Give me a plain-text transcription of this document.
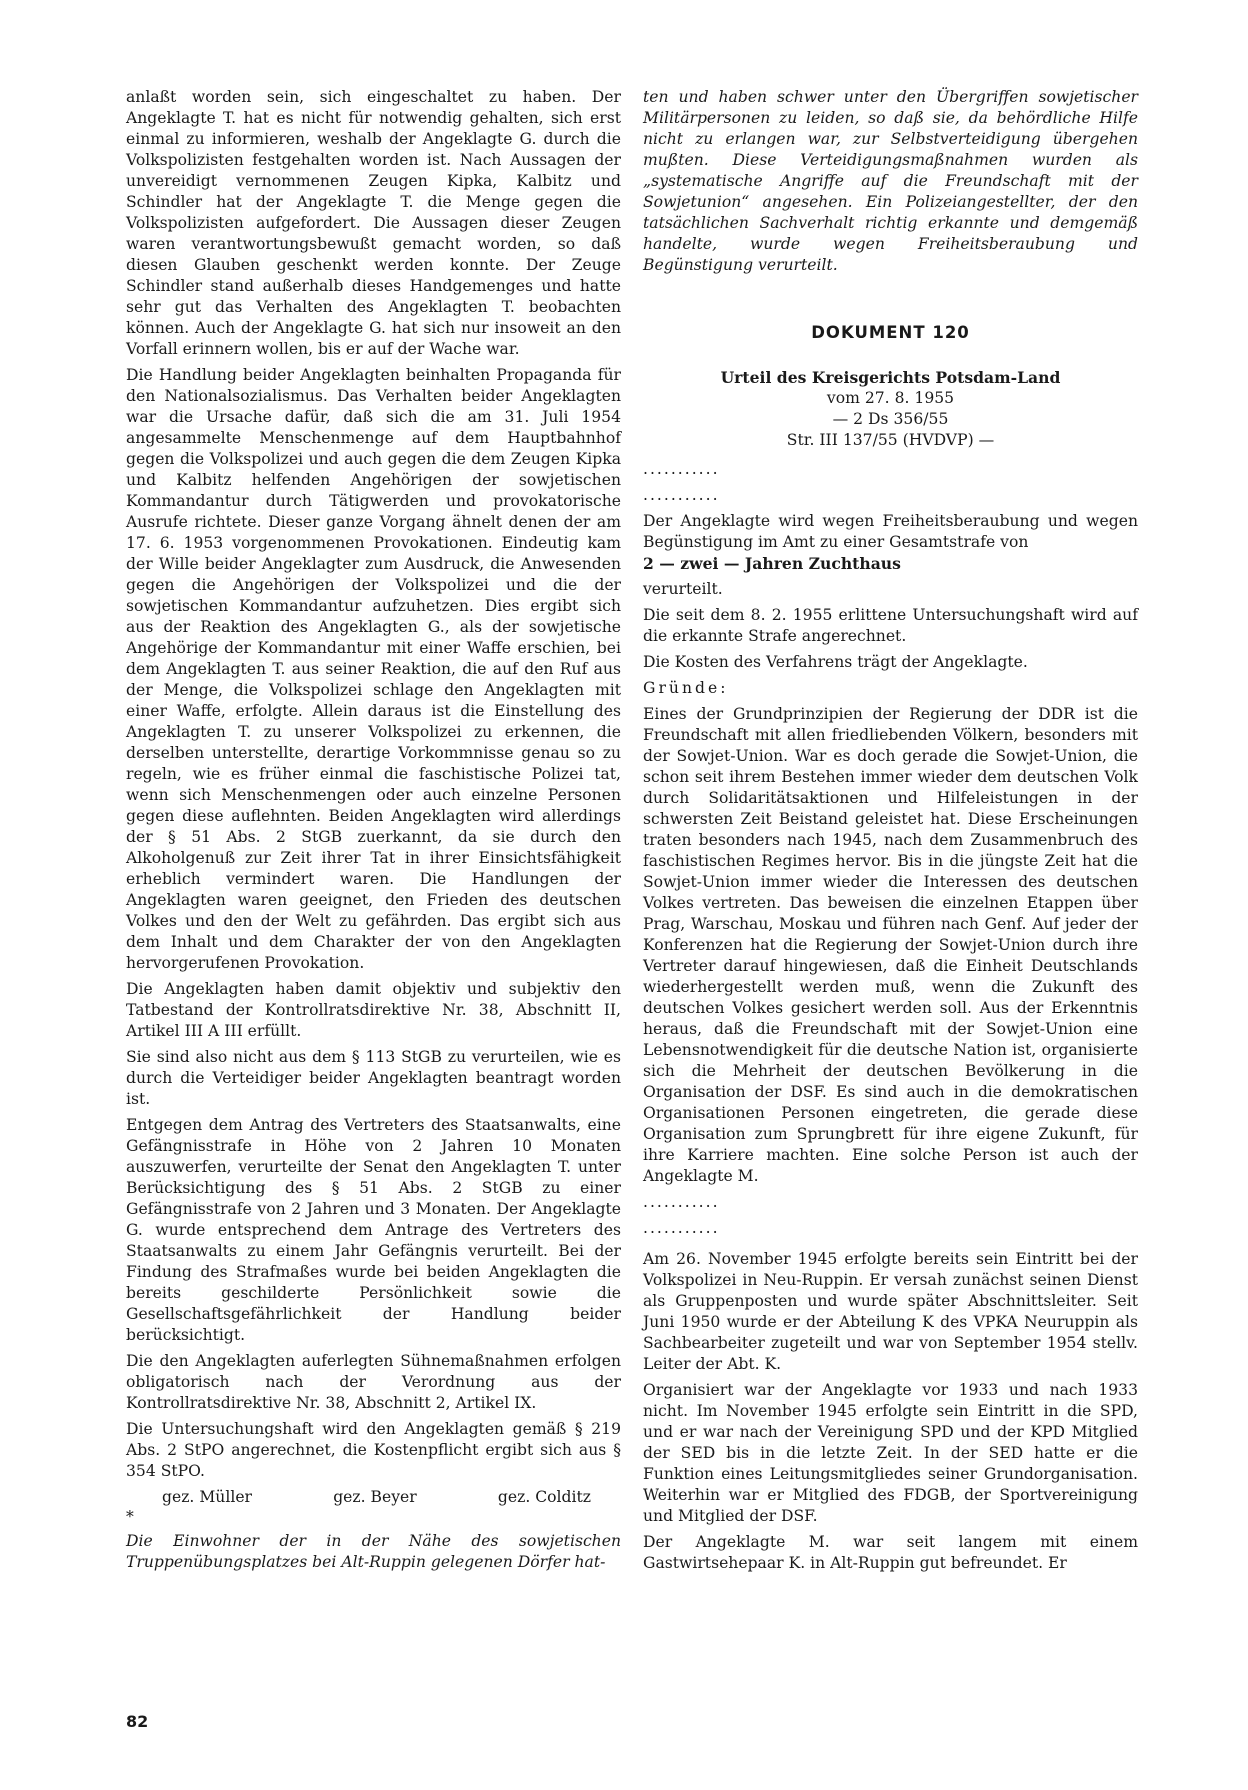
anlaßt worden sein, sich eingeschaltet zu haben. Der Angeklagte T. hat es nicht für notwendig gehalten, sich erst einmal zu informieren, weshalb der Angeklagte G. durch die Volkspolizisten festgehalten worden ist. Nach Aussagen der unvereidigt vernommenen Zeugen Kipka, Kalbitz und Schindler hat der Angeklagte T. die Menge gegen die Volkspolizisten aufgefordert. Die Aussagen dieser Zeugen waren verantwortungsbewußt gemacht worden, so daß diesen Glauben geschenkt werden konnte. Der Zeuge Schindler stand außerhalb dieses Handgemenges und hatte sehr gut das Verhalten des Angeklagten T. beobachten können. Auch der Angeklagte G. hat sich nur insoweit an den Vorfall erinnern wollen, bis er auf der Wache war.

Die Handlung beider Angeklagten beinhalten Propaganda für den Nationalsozialismus. Das Verhalten beider Angeklagten war die Ursache dafür, daß sich die am 31. Juli 1954 angesammelte Menschenmenge auf dem Hauptbahnhof gegen die Volkspolizei und auch gegen die dem Zeugen Kipka und Kalbitz helfenden Angehörigen der sowjetischen Kommandantur durch Tätigwerden und provokatorische Ausrufe richtete. Dieser ganze Vorgang ähnelt denen der am 17. 6. 1953 vorgenommenen Provokationen. Eindeutig kam der Wille beider Angeklagter zum Ausdruck, die Anwesenden gegen die Angehörigen der Volkspolizei und die der sowjetischen Kommandantur aufzuhetzen. Dies ergibt sich aus der Reaktion des Angeklagten G., als der sowjetische Angehörige der Kommandantur mit einer Waffe erschien, bei dem Angeklagten T. aus seiner Reaktion, die auf den Ruf aus der Menge, die Volkspolizei schlage den Angeklagten mit einer Waffe, erfolgte. Allein daraus ist die Einstellung des Angeklagten T. zu unserer Volkspolizei zu erkennen, die derselben unterstellte, derartige Vorkommnisse genau so zu regeln, wie es früher einmal die faschistische Polizei tat, wenn sich Menschenmengen oder auch einzelne Personen gegen diese auflehnten. Beiden Angeklagten wird allerdings der § 51 Abs. 2 StGB zuerkannt, da sie durch den Alkoholgenuß zur Zeit ihrer Tat in ihrer Einsichtsfähigkeit erheblich vermindert waren. Die Handlungen der Angeklagten waren geeignet, den Frieden des deutschen Volkes und den der Welt zu gefährden. Das ergibt sich aus dem Inhalt und dem Charakter der von den Angeklagten hervorgerufenen Provokation.

Die Angeklagten haben damit objektiv und subjektiv den Tatbestand der Kontrollratsdirektive Nr. 38, Abschnitt II, Artikel III A III erfüllt.

Sie sind also nicht aus dem § 113 StGB zu verurteilen, wie es durch die Verteidiger beider Angeklagten beantragt worden ist.

Entgegen dem Antrag des Vertreters des Staatsanwalts, eine Gefängnisstrafe in Höhe von 2 Jahren 10 Monaten auszuwerfen, verurteilte der Senat den Angeklagten T. unter Berücksichtigung des § 51 Abs. 2 StGB zu einer Gefängnisstrafe von 2 Jahren und 3 Monaten. Der Angeklagte G. wurde entsprechend dem Antrage des Vertreters des Staatsanwalts zu einem Jahr Gefängnis verurteilt. Bei der Findung des Strafmaßes wurde bei beiden Angeklagten die bereits geschilderte Persönlichkeit sowie die Gesellschaftsgefährlichkeit der Handlung beider berücksichtigt.

Die den Angeklagten auferlegten Sühnemaßnahmen erfolgen obligatorisch nach der Verordnung aus der Kontrollratsdirektive Nr. 38, Abschnitt 2, Artikel IX.

Die Untersuchungshaft wird den Angeklagten gemäß § 219 Abs. 2 StPO angerechnet, die Kostenpflicht ergibt sich aus § 354 StPO.

gez. Müller	gez. Beyer	gez. Colditz

*

Die Einwohner der in der Nähe des sowjetischen Truppenübungsplatzes bei Alt-Ruppin gelegenen Dörfer hat-

ten und haben schwer unter den Übergriffen sowjetischer Militärpersonen zu leiden, so daß sie, da behördliche Hilfe nicht zu erlangen war, zur Selbstverteidigung übergehen mußten. Diese Verteidigungsmaßnahmen wurden als „systematische Angriffe auf die Freundschaft mit der Sowjetunion“ angesehen. Ein Polizeiangestellter, der den tatsächlichen Sachverhalt richtig erkannte und demgemäß handelte, wurde wegen Freiheitsberaubung und Begünstigung verurteilt.

DOKUMENT 120
Urteil des Kreisgerichts Potsdam-Land
vom 27. 8. 1955
— 2 Ds 356/55
Str. III 137/55 (HVDVP) —

...........

...........

Der Angeklagte wird wegen Freiheitsberaubung und wegen Begünstigung im Amt zu einer Gesamtstrafe von

2 — zwei — Jahren Zuchthaus

verurteilt.

Die seit dem 8. 2. 1955 erlittene Untersuchungshaft wird auf die erkannte Strafe angerechnet.

Die Kosten des Verfahrens trägt der Angeklagte.

Gründe:

Eines der Grundprinzipien der Regierung der DDR ist die Freundschaft mit allen friedliebenden Völkern, besonders mit der Sowjet-Union. War es doch gerade die Sowjet-Union, die schon seit ihrem Bestehen immer wieder dem deutschen Volk durch Solidaritätsaktionen und Hilfeleistungen in der schwersten Zeit Beistand geleistet hat. Diese Erscheinungen traten besonders nach 1945, nach dem Zusammenbruch des faschistischen Regimes hervor. Bis in die jüngste Zeit hat die Sowjet-Union immer wieder die Interessen des deutschen Volkes vertreten. Das beweisen die einzelnen Etappen über Prag, Warschau, Moskau und führen nach Genf. Auf jeder der Konferenzen hat die Regierung der Sowjet-Union durch ihre Vertreter darauf hingewiesen, daß die Einheit Deutschlands wiederhergestellt werden muß, wenn die Zukunft des deutschen Volkes gesichert werden soll. Aus der Erkenntnis heraus, daß die Freundschaft mit der Sowjet-Union eine Lebensnotwendigkeit für die deutsche Nation ist, organisierte sich die Mehrheit der deutschen Bevölkerung in die Organisation der DSF. Es sind auch in die demokratischen Organisationen Personen eingetreten, die gerade diese Organisation zum Sprungbrett für ihre eigene Zukunft, für ihre Karriere machten. Eine solche Person ist auch der Angeklagte M.

...........

...........

Am 26. November 1945 erfolgte bereits sein Eintritt bei der Volkspolizei in Neu-Ruppin. Er versah zunächst seinen Dienst als Gruppenposten und wurde später Abschnittsleiter. Seit Juni 1950 wurde er der Abteilung K des VPKA Neuruppin als Sachbearbeiter zugeteilt und war von September 1954 stellv. Leiter der Abt. K.

Organisiert war der Angeklagte vor 1933 und nach 1933 nicht. Im November 1945 erfolgte sein Eintritt in die SPD, und er war nach der Vereinigung SPD und der KPD Mitglied der SED bis in die letzte Zeit. In der SED hatte er die Funktion eines Leitungsmitgliedes seiner Grundorganisation. Weiterhin war er Mitglied des FDGB, der Sportvereinigung und Mitglied der DSF.

Der Angeklagte M. war seit langem mit einem Gastwirtsehepaar K. in Alt-Ruppin gut befreundet. Er

82
